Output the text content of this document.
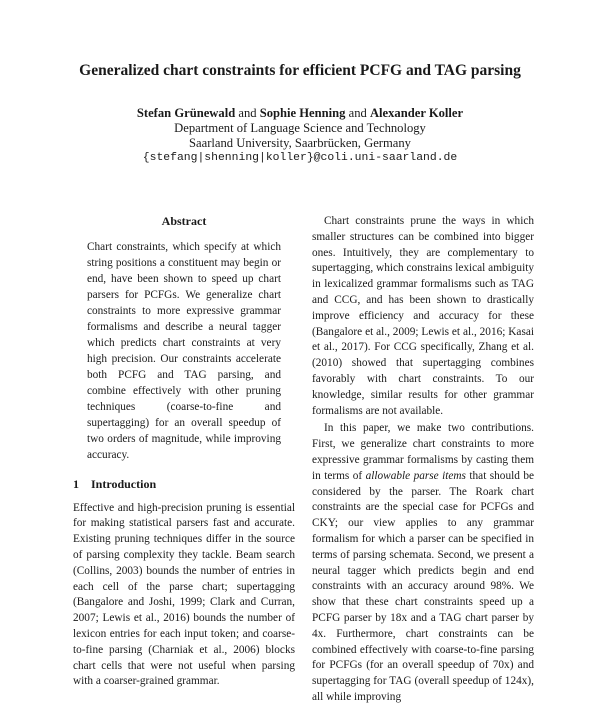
Generalized chart constraints for efficient PCFG and TAG parsing
Stefan Grünewald and Sophie Henning and Alexander Koller
Department of Language Science and Technology
Saarland University, Saarbrücken, Germany
{stefang|shenning|koller}@coli.uni-saarland.de
Abstract

Chart constraints, which specify at which string positions a constituent may begin or end, have been shown to speed up chart parsers for PCFGs. We generalize chart constraints to more expressive grammar formalisms and describe a neural tagger which predicts chart constraints at very high precision. Our constraints accelerate both PCFG and TAG parsing, and combine effectively with other pruning techniques (coarse-to-fine and supertagging) for an overall speedup of two orders of magnitude, while improving accuracy.

1 Introduction

Effective and high-precision pruning is essential for making statistical parsers fast and accurate. Existing pruning techniques differ in the source of parsing complexity they tackle. Beam search (Collins, 2003) bounds the number of entries in each cell of the parse chart; supertagging (Bangalore and Joshi, 1999; Clark and Curran, 2007; Lewis et al., 2016) bounds the number of lexicon entries for each input token; and coarse-to-fine parsing (Charniak et al., 2006) blocks chart cells that were not useful when parsing with a coarser-grained grammar.

Chart constraints prune the ways in which smaller structures can be combined into bigger ones. Intuitively, they are complementary to supertagging, which constrains lexical ambiguity in lexicalized grammar formalisms such as TAG and CCG, and has been shown to drastically improve efficiency and accuracy for these (Bangalore et al., 2009; Lewis et al., 2016; Kasai et al., 2017). For CCG specifically, Zhang et al. (2010) showed that supertagging combines favorably with chart constraints. To our knowledge, similar results for other grammar formalisms are not available.

In this paper, we make two contributions. First, we generalize chart constraints to more expressive grammar formalisms by casting them in terms of allowable parse items that should be considered by the parser. The Roark chart constraints are the special case for PCFGs and CKY; our view applies to any grammar formalism for which a parser can be specified in terms of parsing schemata. Second, we present a neural tagger which predicts begin and end constraints with an accuracy around 98%. We show that these chart constraints speed up a PCFG parser by 18x and a TAG chart parser by 4x. Furthermore, chart constraints can be combined effectively with coarse-to-fine parsing for PCFGs (for an overall speedup of 70x) and supertagging for TAG (overall speedup of 124x), all while improving
